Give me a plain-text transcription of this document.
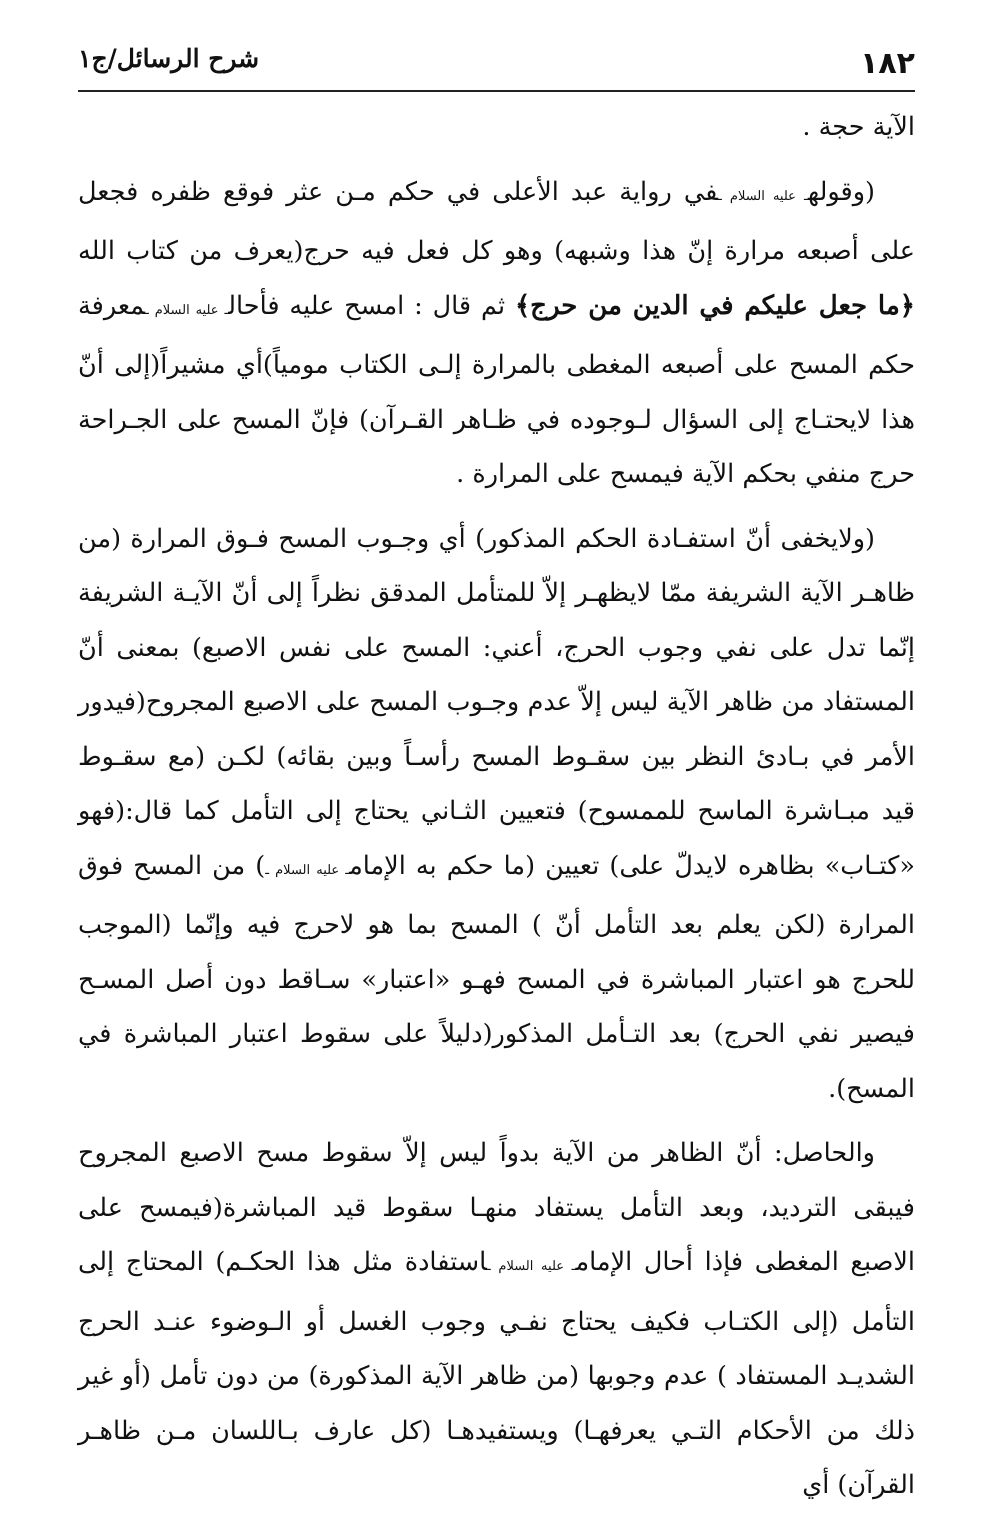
١٨٢
شرح الرسائل/ج١

الآية حجة .

(وقولهـ عليه السلام ـفي رواية عبد الأعلى في حكم مـن عثر فوقع ظفره فجعل على أصبعه مرارة إنّ هذا وشبهه) وهو كل فعل فيه حرج(يعرف من كتاب الله ﴿ما جعل عليكم في الدين من حرج﴾ ثم قال : امسح عليه فأحالـ عليه السلام ـمعرفة حكم المسح على أصبعه المغطى بالمرارة إلـى الكتاب مومياً)أي مشيراً(إلى أنّ هذا لايحتـاج إلى السؤال لـوجوده في ظـاهر القـرآن) فإنّ المسح على الجـراحة حرج منفي بحكم الآية فيمسح على المرارة .

(ولايخفى أنّ استفـادة الحكم المذكور) أي وجـوب المسح فـوق المرارة (من ظاهـر الآية الشريفة ممّا لايظهـر إلاّ للمتأمل المدقق نظراً إلى أنّ الآيـة الشريفة إنّما تدل على نفي وجوب الحرج، أعني: المسح على نفس الاصبع) بمعنى أنّ المستفاد من ظاهر الآية ليس إلاّ عدم وجـوب المسح على الاصبع المجروح(فيدور الأمر في بـادئ النظر بين سقـوط المسح رأسـاً وبين بقائه) لكـن (مع سقـوط قيد مبـاشرة الماسح للممسوح) فتعيين الثـاني يحتاج إلى التأمل كما قال:(فهو «كتـاب» بظاهره لايدلّ على) تعيين (ما حكم به الإمامـ عليه السلام ـ) من المسح فوق المرارة (لكن يعلم بعد التأمل أنّ ) المسح بما هو لاحرج فيه وإنّما (الموجب للحرج هو اعتبار المباشرة في المسح فهـو «اعتبار» سـاقط دون أصل المسـح فيصير نفي الحرج) بعد التـأمل المذكور(دليلاً على سقوط اعتبار المباشرة في المسح).

والحاصل: أنّ الظاهر من الآية بدواً ليس إلاّ سقوط مسح الاصبع المجروح فيبقى الترديد، وبعد التأمل يستفاد منهـا سقوط قيد المباشرة(فيمسح على الاصبع المغطى فإذا أحال الإمامـ عليه السلام ـاستفادة مثل هذا الحكـم) المحتاج إلى التأمل (إلى الكتـاب فكيف يحتاج نفـي وجوب الغسل أو الـوضوء عنـد الحرج الشديـد المستفاد ) عدم وجوبها (من ظاهر الآية المذكورة) من دون تأمل (أو غير ذلك من الأحكام التـي يعرفهـا) ويستفيدهـا (كل عارف بـاللسان مـن ظاهـر القرآن) أي
